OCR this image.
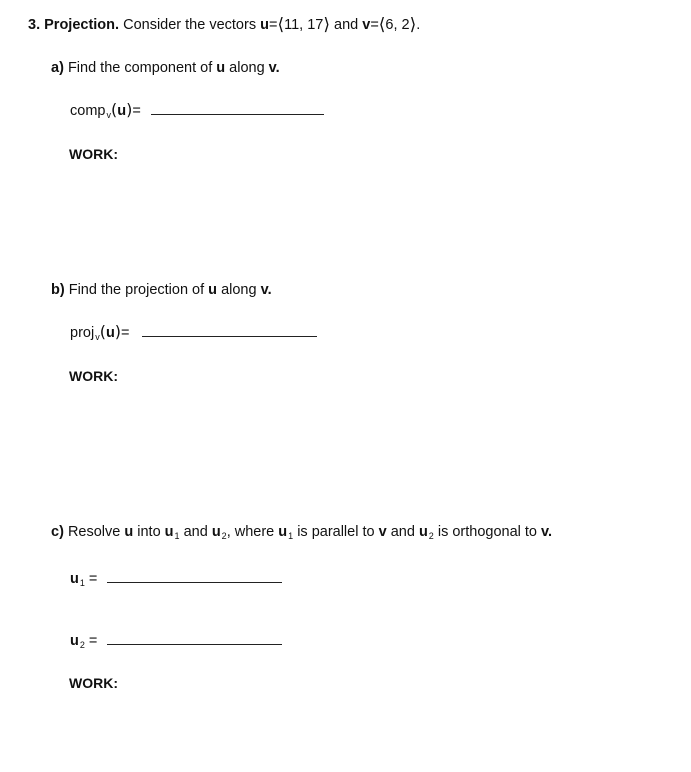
3. Projection. Consider the vectors u=⟨11, 17⟩ and v=⟨6, 2⟩.
a) Find the component of u along v.
comp$_v$(u)=
WORK:
b) Find the projection of u along v.
proj$_v$(u)=
WORK:
c) Resolve u into $u_1$ and $u_2$, where $u_1$ is parallel to v and $u_2$ is orthogonal to v.
$u_1$ =
$u_2$ =
WORK:
